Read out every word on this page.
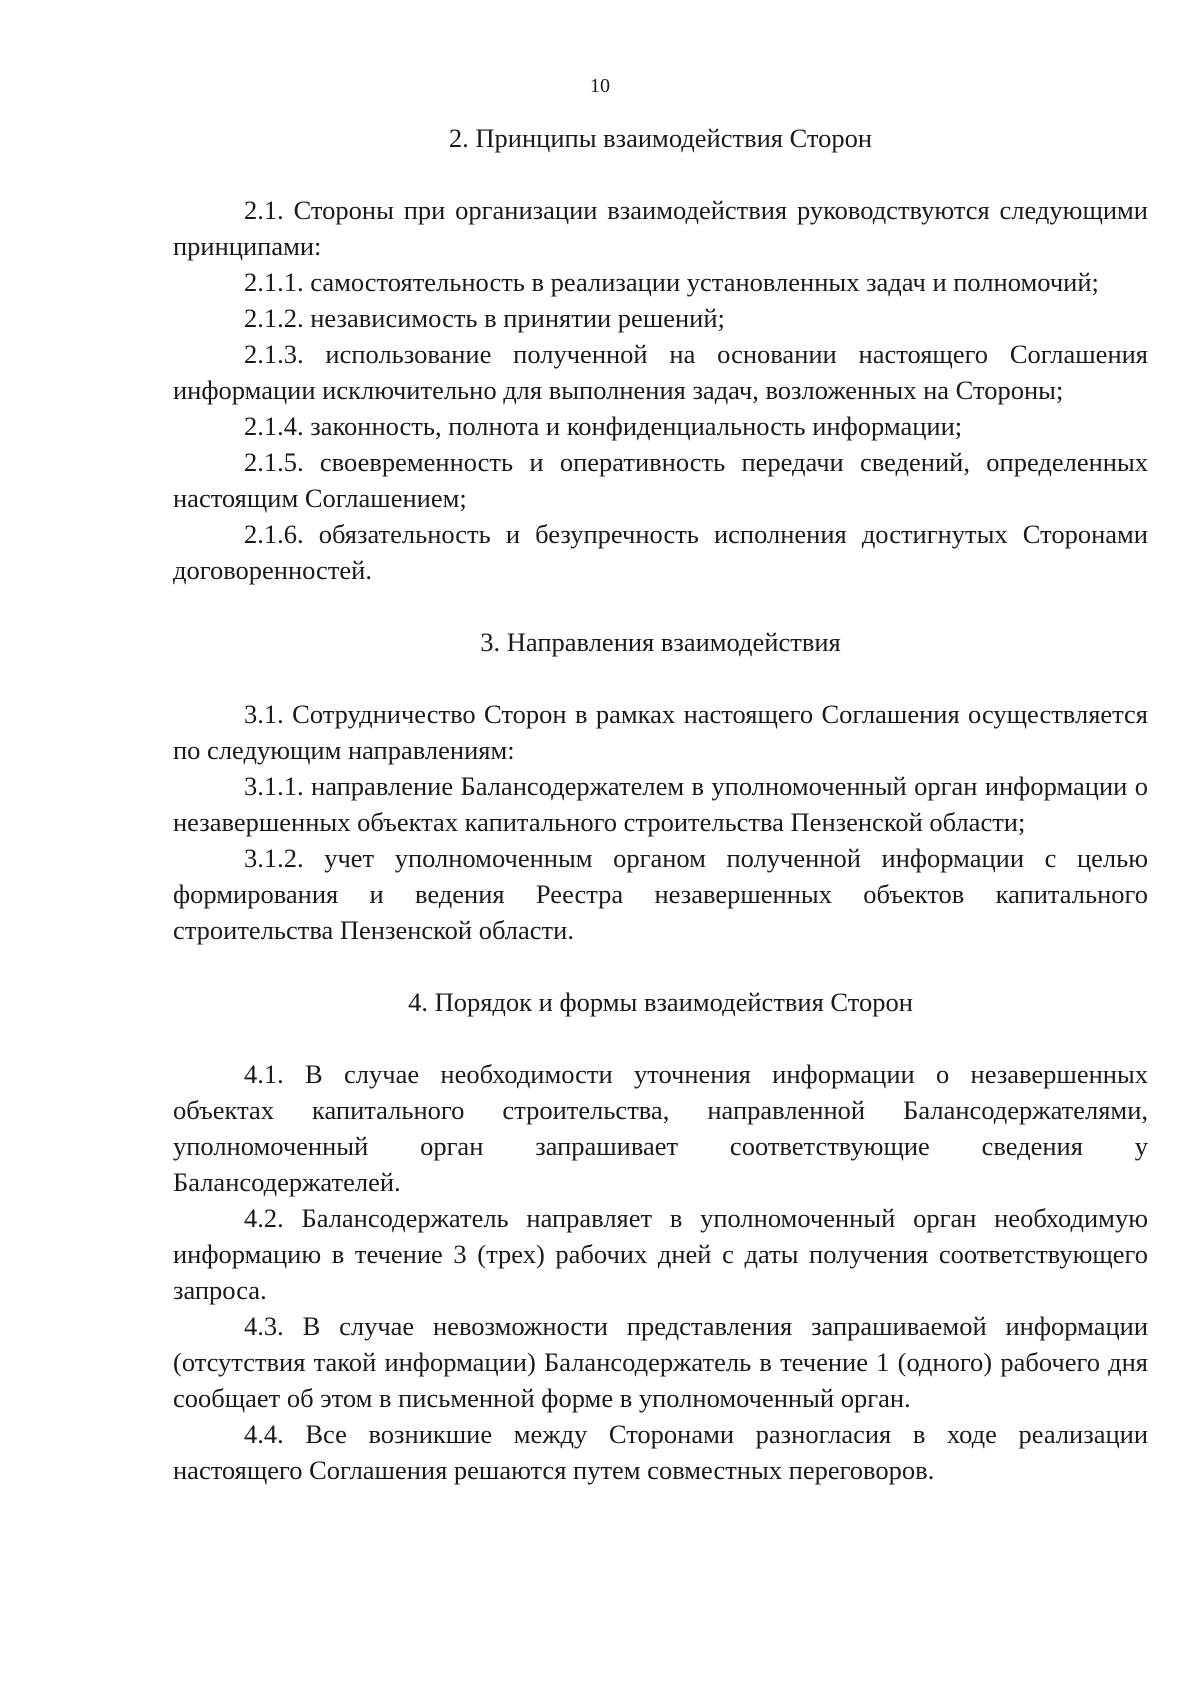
10
2. Принципы взаимодействия Сторон

2.1. Стороны при организации взаимодействия руководствуются следующими принципами:

2.1.1. самостоятельность в реализации установленных задач и полномочий;

2.1.2. независимость в принятии решений;

2.1.3. использование полученной на основании настоящего Соглашения информации исключительно для выполнения задач, возложенных на Стороны;

2.1.4. законность, полнота и конфиденциальность информации;

2.1.5. своевременность и оперативность передачи сведений, определенных настоящим Соглашением;

2.1.6. обязательность и безупречность исполнения достигнутых Сторонами договоренностей.

3. Направления взаимодействия

3.1. Сотрудничество Сторон в рамках настоящего Соглашения осуществляется по следующим направлениям:

3.1.1. направление Балансодержателем в уполномоченный орган информации о незавершенных объектах капитального строительства Пензенской области;

3.1.2. учет уполномоченным органом полученной информации с целью формирования и ведения Реестра незавершенных объектов капитального строительства Пензенской области.

4. Порядок и формы взаимодействия Сторон

4.1. В случае необходимости уточнения информации о незавершенных объектах капитального строительства, направленной Балансодержателями, уполномоченный орган запрашивает соответствующие сведения у Балансодержателей.

4.2. Балансодержатель направляет в уполномоченный орган необходимую информацию в течение 3 (трех) рабочих дней с даты получения соответствующего запроса.

4.3. В случае невозможности представления запрашиваемой информации (отсутствия такой информации) Балансодержатель в течение 1 (одного) рабочего дня сообщает об этом в письменной форме в уполномоченный орган.

4.4. Все возникшие между Сторонами разногласия в ходе реализации настоящего Соглашения решаются путем совместных переговоров.
